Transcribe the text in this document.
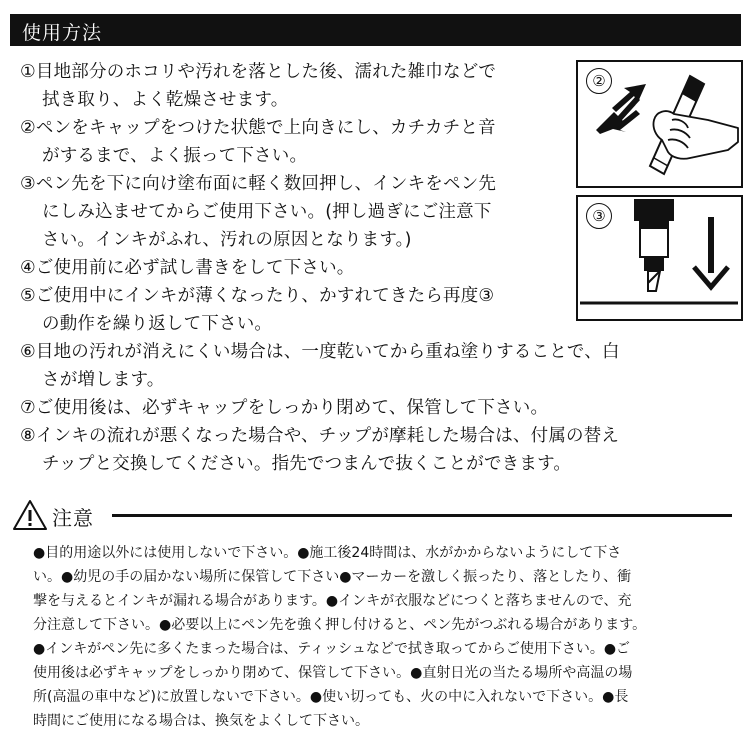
使用方法
①目地部分のホコリや汚れを落とした後、濡れた雑巾などで
拭き取り、よく乾燥させます。
②ペンをキャップをつけた状態で上向きにし、カチカチと音
がするまで、よく振って下さい。
③ペン先を下に向け塗布面に軽く数回押し、インキをペン先
にしみ込ませてからご使用下さい。(押し過ぎにご注意下
さい。インキがふれ、汚れの原因となります。)
④ご使用前に必ず試し書きをして下さい。
⑤ご使用中にインキが薄くなったり、かすれてきたら再度③
の動作を繰り返して下さい。
⑥目地の汚れが消えにくい場合は、一度乾いてから重ね塗りすることで、白
さが増します。
⑦ご使用後は、必ずキャップをしっかり閉めて、保管して下さい。
⑧インキの流れが悪くなった場合や、チップが摩耗した場合は、付属の替え
チップと交換してください。指先でつまんで抜くことができます。
②
③
注意

●目的用途以外には使用しないで下さい。●施工後24時間は、水がかからないようにして下さ

い。●幼児の手の届かない場所に保管して下さい●マーカーを激しく振ったり、落としたり、衝

撃を与えるとインキが漏れる場合があります。●インキが衣服などにつくと落ちませんので、充

分注意して下さい。●必要以上にペン先を強く押し付けると、ペン先がつぶれる場合があります。

●インキがペン先に多くたまった場合は、ティッシュなどで拭き取ってからご使用下さい。●ご

使用後は必ずキャップをしっかり閉めて、保管して下さい。●直射日光の当たる場所や高温の場

所(高温の車中など)に放置しないで下さい。●使い切っても、火の中に入れないで下さい。●長

時間にご使用になる場合は、換気をよくして下さい。
